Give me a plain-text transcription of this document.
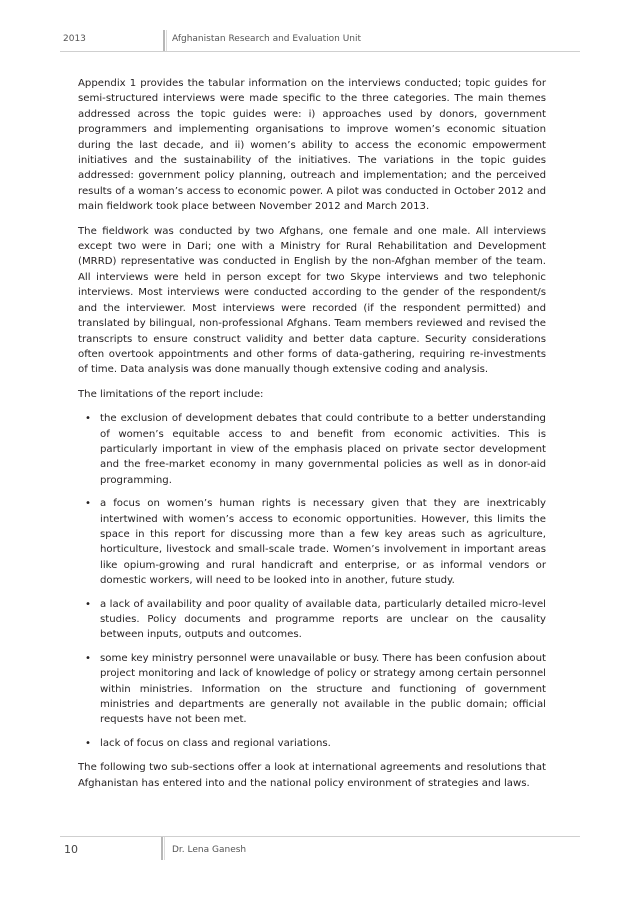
2013	Afghanistan Research and Evaluation Unit

Appendix 1 provides the tabular information on the interviews conducted; topic guides for semi-structured interviews were made specific to the three categories. The main themes addressed across the topic guides were: i) approaches used by donors, government programmers and implementing organisations to improve women’s economic situation during the last decade, and ii) women’s ability to access the economic empowerment initiatives and the sustainability of the initiatives. The variations in the topic guides addressed: government policy planning, outreach and implementation; and the perceived results of a woman’s access to economic power. A pilot was conducted in October 2012 and main fieldwork took place between November 2012 and March 2013.

The fieldwork was conducted by two Afghans, one female and one male. All interviews except two were in Dari; one with a Ministry for Rural Rehabilitation and Development (MRRD) representative was conducted in English by the non-Afghan member of the team. All interviews were held in person except for two Skype interviews and two telephonic interviews. Most interviews were conducted according to the gender of the respondent/s and the interviewer. Most interviews were recorded (if the respondent permitted) and translated by bilingual, non-professional Afghans. Team members reviewed and revised the transcripts to ensure construct validity and better data capture. Security considerations often overtook appointments and other forms of data-gathering, requiring re-investments of time. Data analysis was done manually though extensive coding and analysis.

The limitations of the report include:

• the exclusion of development debates that could contribute to a better understanding of women’s equitable access to and benefit from economic activities. This is particularly important in view of the emphasis placed on private sector development and the free-market economy in many governmental policies as well as in donor-aid programming.
• a focus on women’s human rights is necessary given that they are inextricably intertwined with women’s access to economic opportunities. However, this limits the space in this report for discussing more than a few key areas such as agriculture, horticulture, livestock and small-scale trade. Women’s involvement in important areas like opium-growing and rural handicraft and enterprise, or as informal vendors or domestic workers, will need to be looked into in another, future study.
• a lack of availability and poor quality of available data, particularly detailed micro-level studies. Policy documents and programme reports are unclear on the causality between inputs, outputs and outcomes.
• some key ministry personnel were unavailable or busy. There has been confusion about project monitoring and lack of knowledge of policy or strategy among certain personnel within ministries. Information on the structure and functioning of government ministries and departments are generally not available in the public domain; official requests have not been met.
• lack of focus on class and regional variations.

The following two sub-sections offer a look at international agreements and resolutions that Afghanistan has entered into and the national policy environment of strategies and laws.

10	Dr. Lena Ganesh
